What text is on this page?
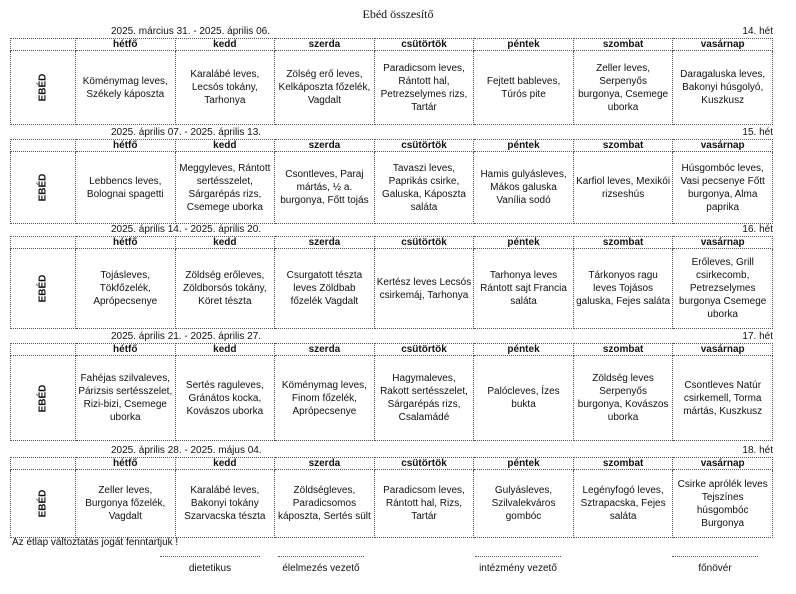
Ebéd összesítő
2025. március 31. - 2025. április 06.	14. hét
	hétfő	kedd	szerda	csütörtök	péntek	szombat	vasárnap
EBÉD	Köménymag leves, Székely káposzta	Karalábé leves, Lecsós tokány, Tarhonya	Zölség erő leves, Kelkáposzta főzelék, Vagdalt	Paradicsom leves, Rántott hal, Petrezselymes rizs, Tartár	Fejtett bableves, Túrós pite	Zeller leves, Serpenyős burgonya, Csemege uborka	Daragaluska leves, Bakonyi húsgolyó, Kuszkusz
2025. április 07. - 2025. április 13.	15. hét
	hétfő	kedd	szerda	csütörtök	péntek	szombat	vasárnap
EBÉD	Lebbencs leves, Bolognai spagetti	Meggyleves, Rántott sertésszelet, Sárgarépás rizs, Csemege uborka	Csontleves, Paraj mártás, ½ a. burgonya, Főtt tojás	Tavaszi leves, Paprikás csirke, Galuska, Káposzta saláta	Hamis gulyásleves, Mákos galuska Vanília sodó	Karfiol leves, Mexikói rizseshús	Húsgombóc leves, Vasi pecsenye Főtt burgonya, Alma paprika
2025. április 14. - 2025. április 20.	16. hét
	hétfő	kedd	szerda	csütörtök	péntek	szombat	vasárnap
EBÉD	Tojásleves, Tökfőzelék, Aprópecsenye	Zöldség erőleves, Zöldborsós tokány, Köret tészta	Csurgatott tészta leves Zöldbab főzelék Vagdalt	Kertész leves Lecsós csirkemáj, Tarhonya	Tarhonya leves Rántott sajt Francia saláta	Tárkonyos ragu leves Tojásos galuska, Fejes saláta	Erőleves, Grill csirkecomb, Petrezselymes burgonya Csemege uborka
2025. április 21. - 2025. április 27.	17. hét
	hétfő	kedd	szerda	csütörtök	péntek	szombat	vasárnap
EBÉD	Fahéjas szilvaleves, Párizsis sertésszelet, Rizi-bizi, Csemege uborka	Sertés raguleves, Gránátos kocka, Kovászos uborka	Köménymag leves, Finom főzelék, Aprópecsenye	Hagymaleves, Rakott sertésszelet, Sárgarépás rizs, Csalamádé	Palócleves, Ízes bukta	Zöldség leves Serpenyős burgonya, Kovászos uborka	Csontleves Natúr csirkemell, Torma mártás, Kuszkusz
2025. április 28. - 2025. május 04.	18. hét
	hétfő	kedd	szerda	csütörtök	péntek	szombat	vasárnap
EBÉD	Zeller leves, Burgonya főzelék, Vagdalt	Karalábé leves, Bakonyi tokány Szarvacska tészta	Zöldségleves, Paradicsomos káposzta, Sertés sült	Paradicsom leves, Rántott hal, Rizs, Tartár	Gulyásleves, Szilvalekváros gombóc	Legényfogó leves, Sztrapacska, Fejes saláta	Csirke aprólék leves Tejszínes húsgombóc Burgonya
Az étlap változtatás jogát fenntartjuk !
dietetikus	élelmezés vezető	intézmény vezető	főnövér
